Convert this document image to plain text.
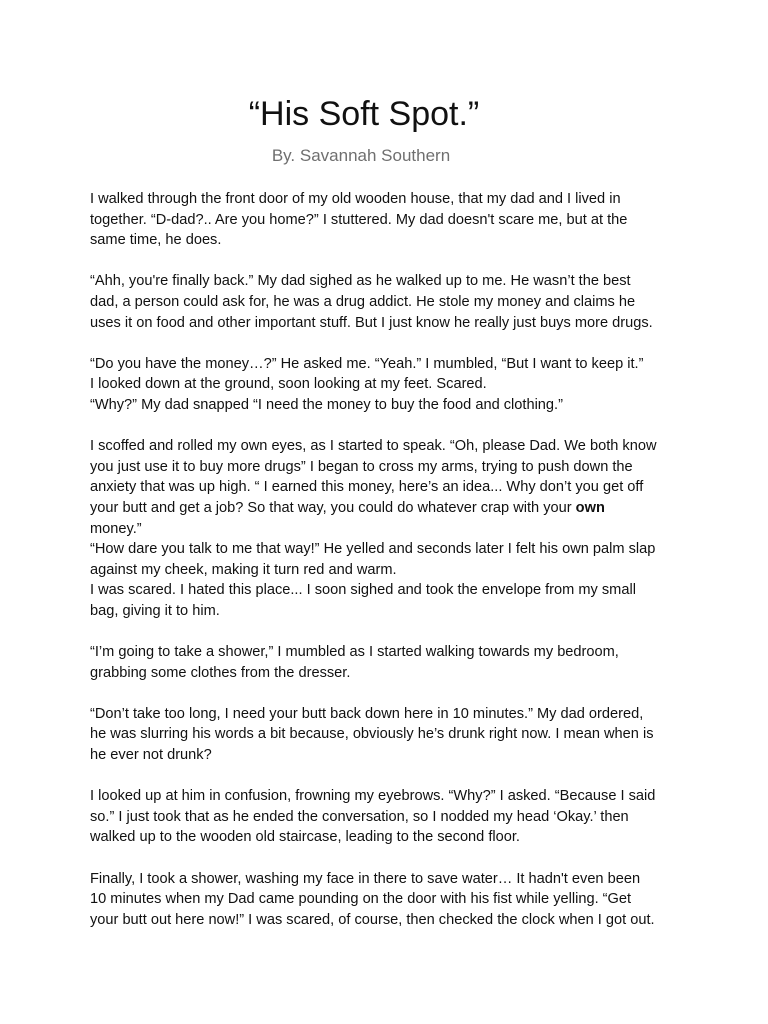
“His Soft Spot.”

By. Savannah Southern

I walked through the front door of my old wooden house, that my dad and I lived in
together. “D-dad?.. Are you home?” I stuttered. My dad doesn't scare me, but at the
same time, he does.

“Ahh, you're finally back.” My dad sighed as he walked up to me. He wasn’t the best
dad, a person could ask for, he was a drug addict. He stole my money and claims he
uses it on food and other important stuff. But I just know he really just buys more drugs.

“Do you have the money…?” He asked me. “Yeah.” I mumbled, “But I want to keep it.”
I looked down at the ground, soon looking at my feet. Scared.
“Why?” My dad snapped “I need the money to buy the food and clothing.”

I scoffed and rolled my own eyes, as I started to speak. “Oh, please Dad. We both know
you just use it to buy more drugs” I began to cross my arms, trying to push down the
anxiety that was up high. “ I earned this money, here’s an idea... Why don’t you get off
your butt and get a job? So that way, you could do whatever crap with your own
money.”
“How dare you talk to me that way!” He yelled and seconds later I felt his own palm slap
against my cheek, making it turn red and warm.
I was scared. I hated this place... I soon sighed and took the envelope from my small
bag, giving it to him.

“I’m going to take a shower,” I mumbled as I started walking towards my bedroom,
grabbing some clothes from the dresser.

“Don’t take too long, I need your butt back down here in 10 minutes.” My dad ordered,
he was slurring his words a bit because, obviously he’s drunk right now. I mean when is
he ever not drunk?

I looked up at him in confusion, frowning my eyebrows. “Why?” I asked. “Because I said
so.” I just took that as he ended the conversation, so I nodded my head ‘Okay.’ then
walked up to the wooden old staircase, leading to the second floor.

Finally, I took a shower, washing my face in there to save water… It hadn't even been
10 minutes when my Dad came pounding on the door with his fist while yelling. “Get
your butt out here now!” I was scared, of course, then checked the clock when I got out.
